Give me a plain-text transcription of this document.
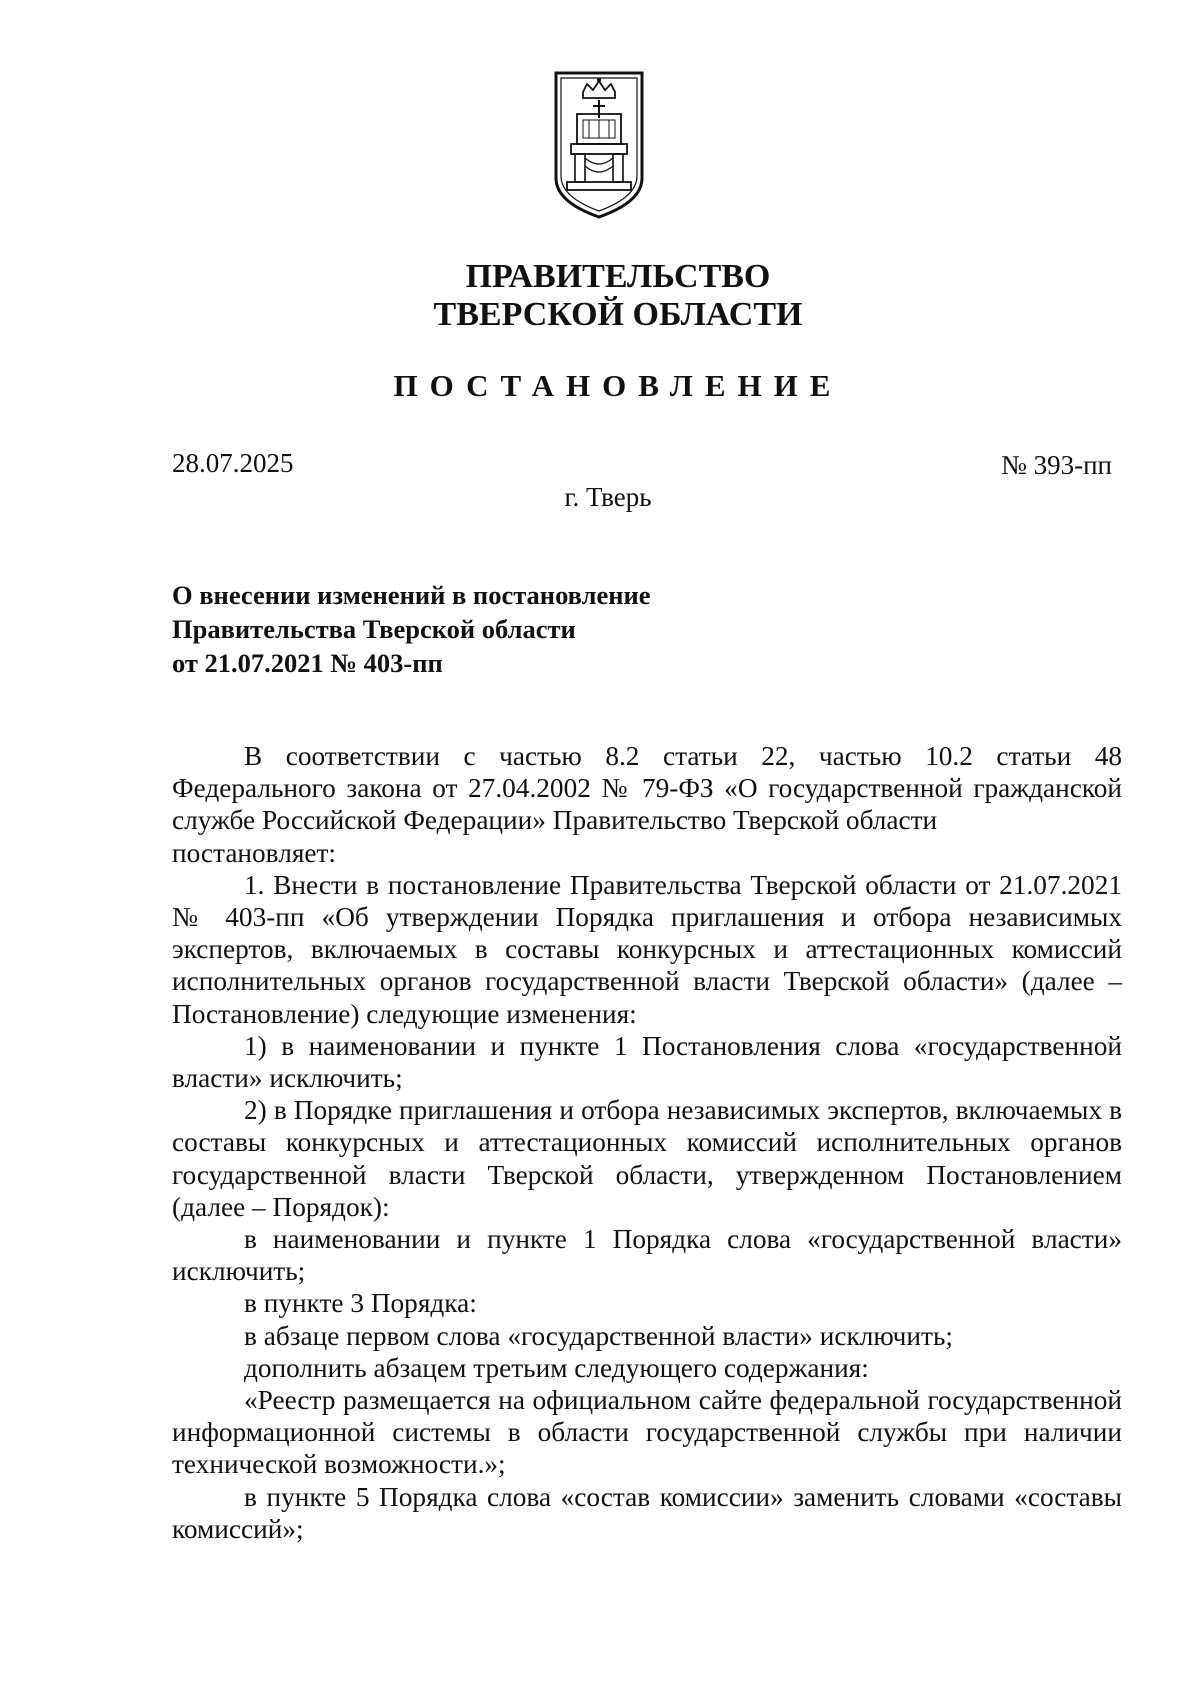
ПРАВИТЕЛЬСТВО
ТВЕРСКОЙ ОБЛАСТИ
ПОСТАНОВЛЕНИЕ
28.07.2025	№ 393-пп
г. Тверь
О внесении изменений в постановление
Правительства Тверской области
от 21.07.2021 № 403-пп

В соответствии с частью 8.2 статьи 22, частью 10.2 статьи 48 Федерального закона от 27.04.2002 № 79-ФЗ «О государственной гражданской службе Российской Федерации» Правительство Тверской области

постановляет:

1. Внести в постановление Правительства Тверской области от 21.07.2021 № 403-пп «Об утверждении Порядка приглашения и отбора независимых экспертов, включаемых в составы конкурсных и аттестационных комиссий исполнительных органов государственной власти Тверской области» (далее – Постановление) следующие изменения:

1) в наименовании и пункте 1 Постановления слова «государственной власти» исключить;

2) в Порядке приглашения и отбора независимых экспертов, включаемых в составы конкурсных и аттестационных комиссий исполнительных органов государственной власти Тверской области, утвержденном Постановлением (далее – Порядок):

в наименовании и пункте 1 Порядка слова «государственной власти» исключить;

в пункте 3 Порядка:

в абзаце первом слова «государственной власти» исключить;

дополнить абзацем третьим следующего содержания:

«Реестр размещается на официальном сайте федеральной государственной информационной системы в области государственной службы при наличии технической возможности.»;

в пункте 5 Порядка слова «состав комиссии» заменить словами «составы комиссий»;
